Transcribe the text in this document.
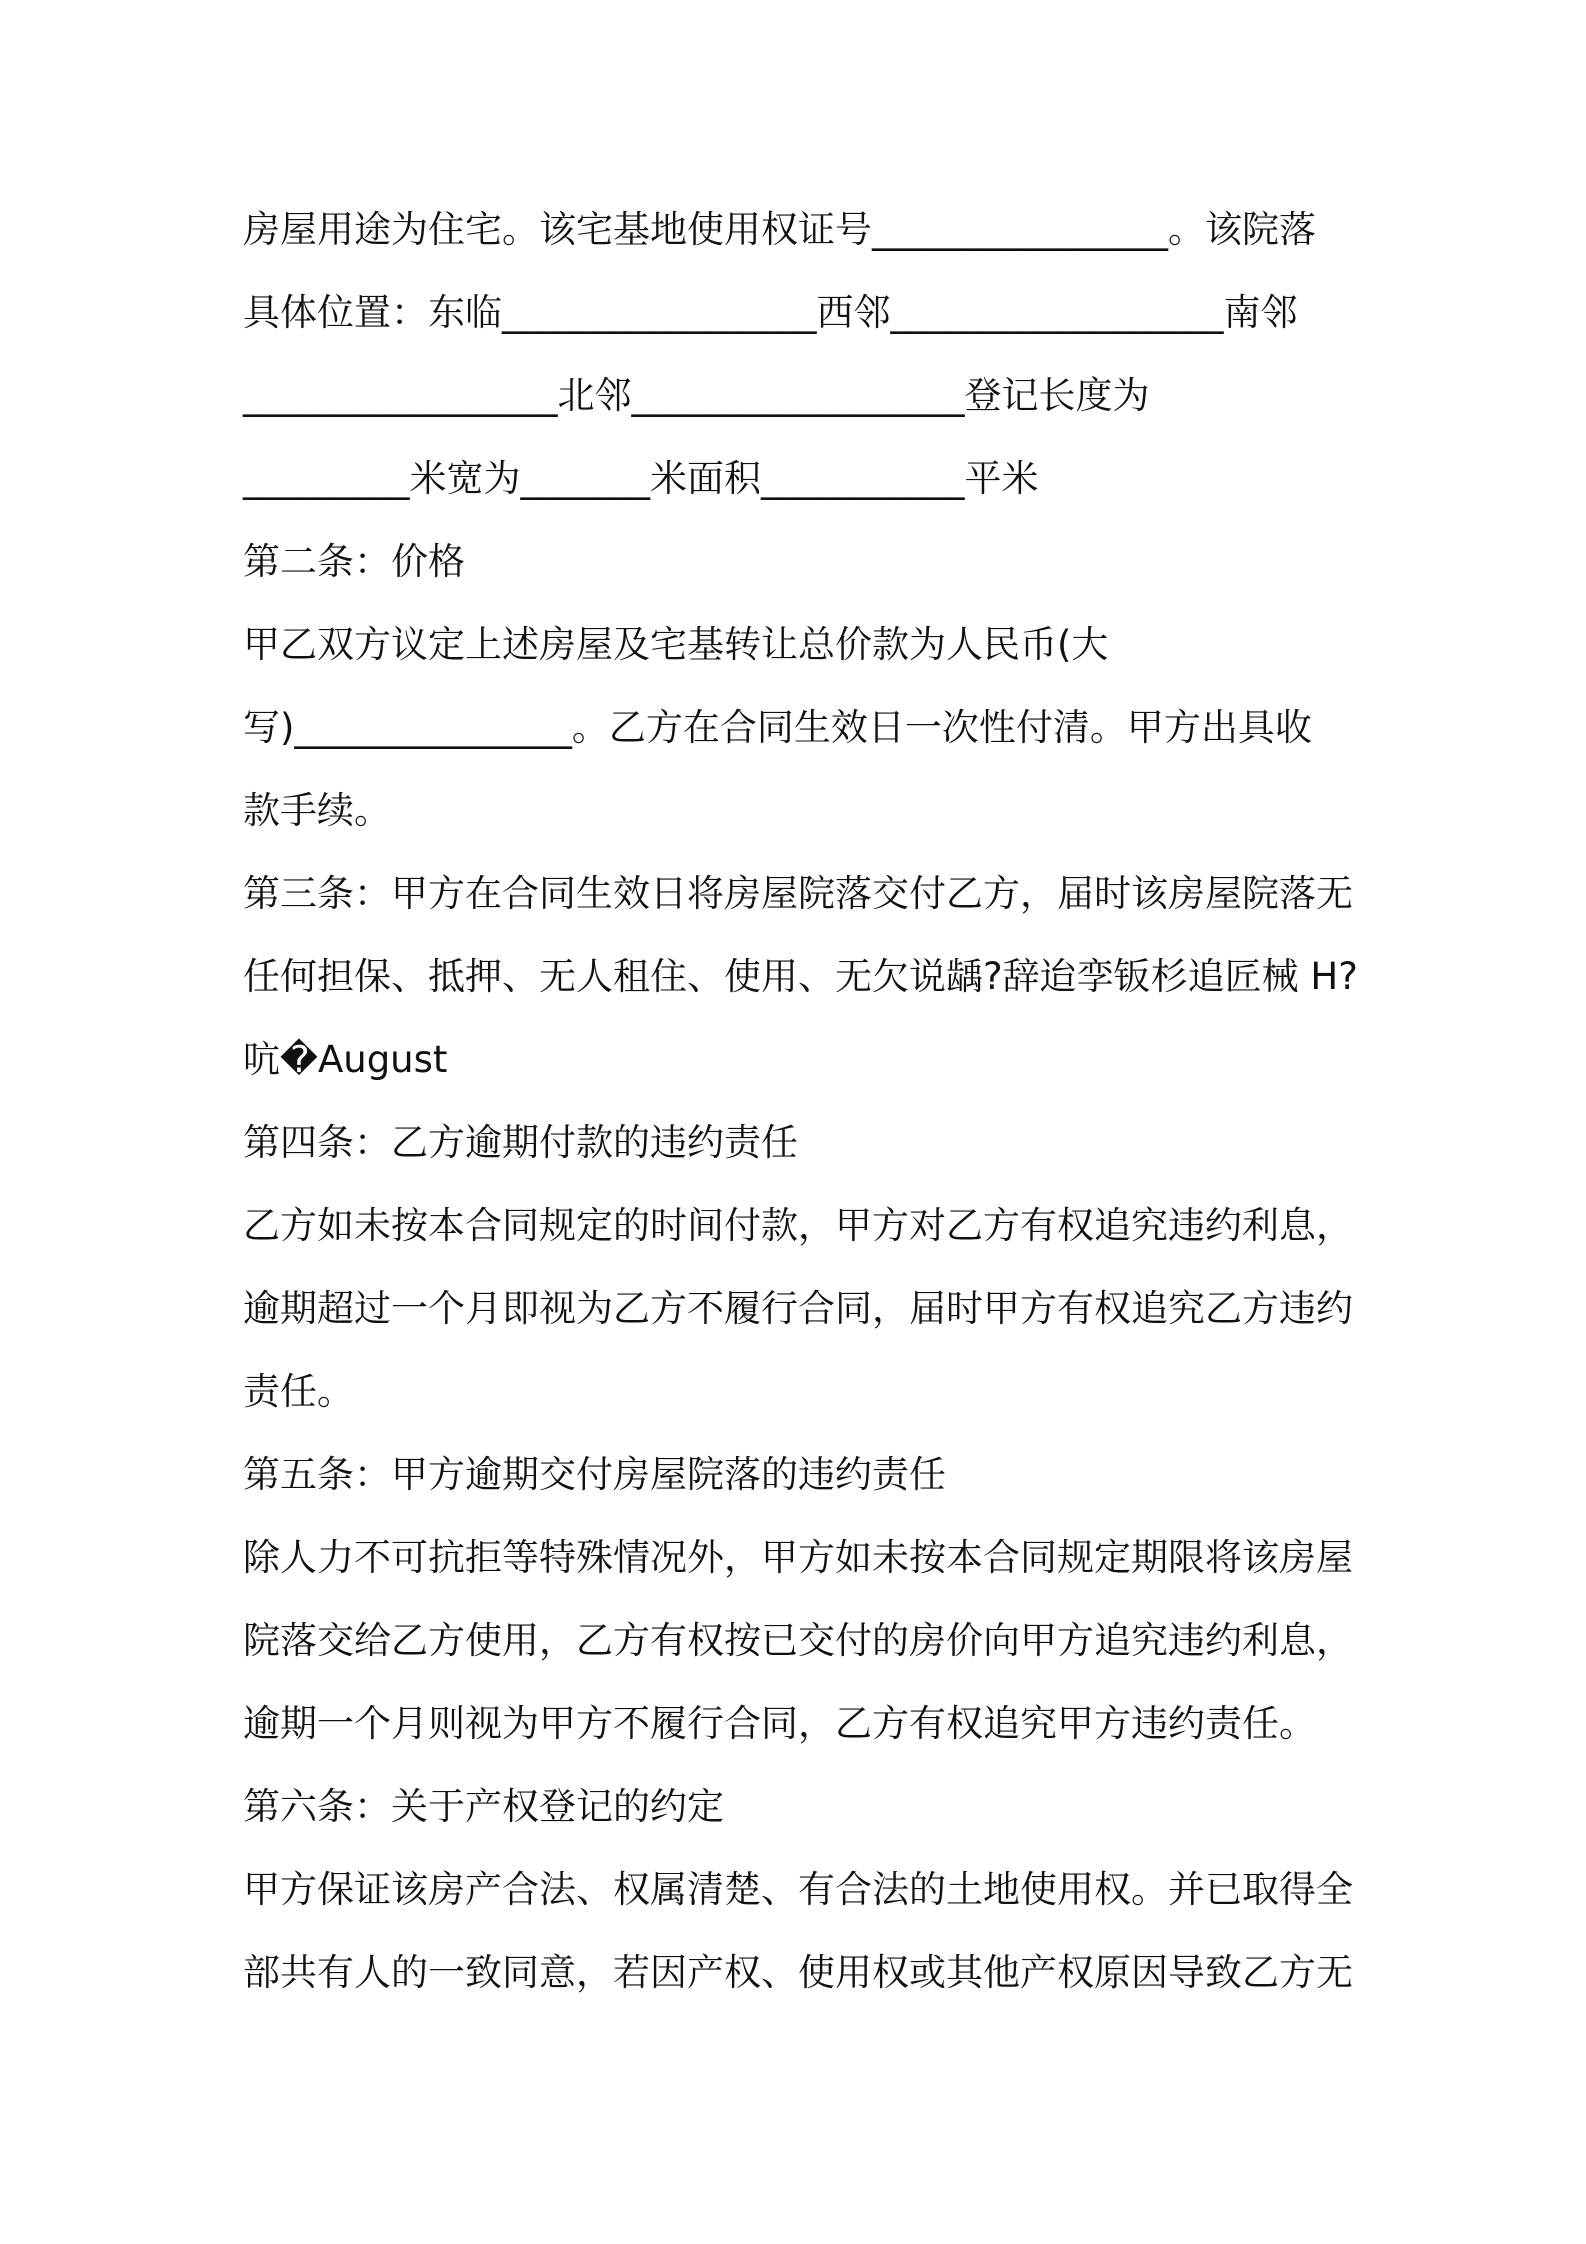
房屋用途为住宅。该宅基地使用权证号________________。该院落
具体位置：东临_________________西邻__________________南邻
_________________北邻__________________登记长度为
_________米宽为_______米面积___________平米
第二条：价格
甲乙双方议定上述房屋及宅基转让总价款为人民币(大
写)_______________。乙方在合同生效日一次性付清。甲方出具收
款手续。
第三条：甲方在合同生效日将房屋院落交付乙方，届时该房屋院落无
任何担保、抵押、无人租住、使用、无欠说龋?辞迨孪钣杉追匠械 H?
吭�August
第四条：乙方逾期付款的违约责任
乙方如未按本合同规定的时间付款，甲方对乙方有权追究违约利息，
逾期超过一个月即视为乙方不履行合同，届时甲方有权追究乙方违约
责任。
第五条：甲方逾期交付房屋院落的违约责任
除人力不可抗拒等特殊情况外，甲方如未按本合同规定期限将该房屋
院落交给乙方使用，乙方有权按已交付的房价向甲方追究违约利息，
逾期一个月则视为甲方不履行合同，乙方有权追究甲方违约责任。
第六条：关于产权登记的约定
甲方保证该房产合法、权属清楚、有合法的土地使用权。并已取得全
部共有人的一致同意，若因产权、使用权或其他产权原因导致乙方无
